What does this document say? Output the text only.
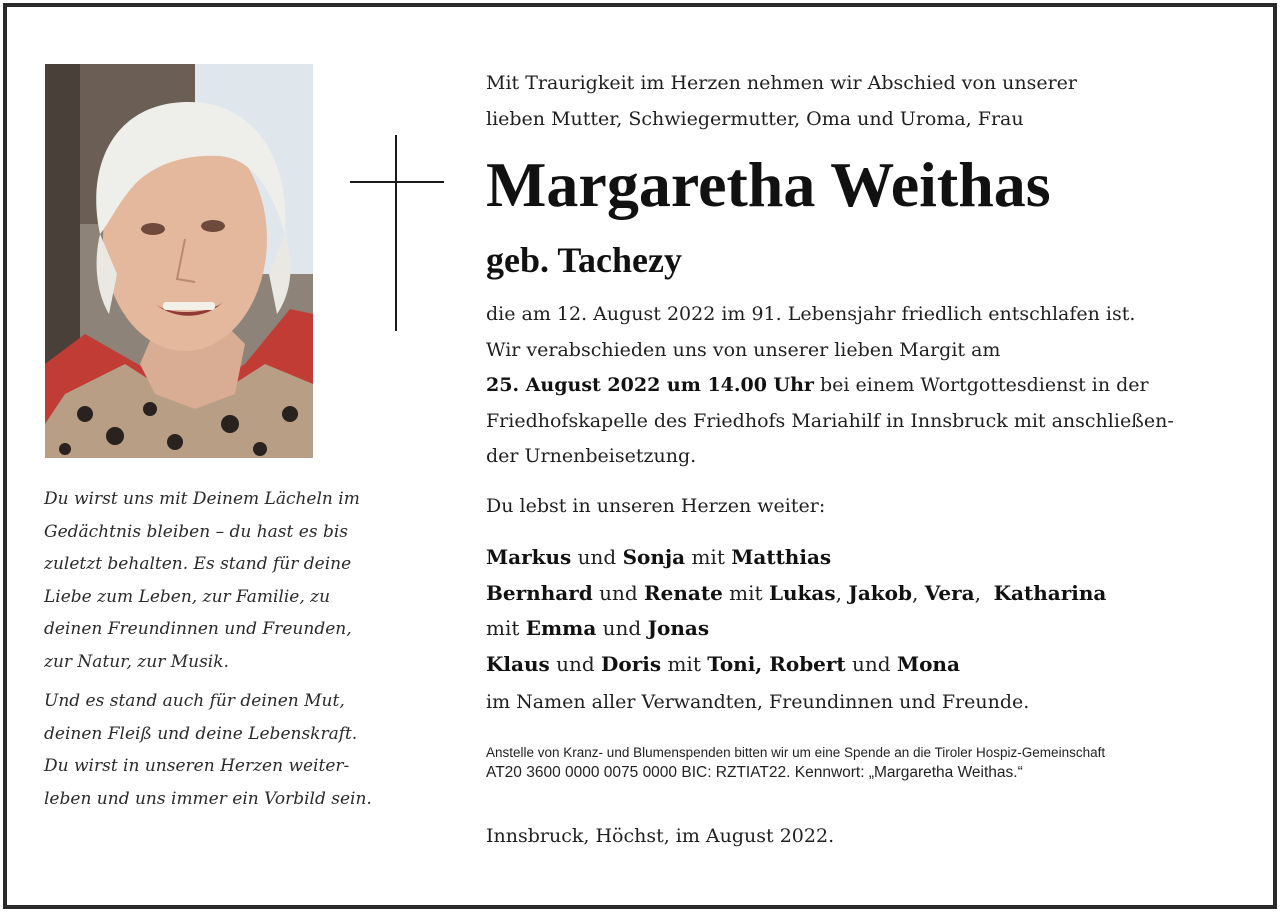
Du wirst uns mit Deinem Lächeln im
Gedächtnis bleiben – du hast es bis
zuletzt behalten. Es stand für deine
Liebe zum Leben, zur Familie, zu
deinen Freundinnen und Freunden,
zur Natur, zur Musik.
Und es stand auch für deinen Mut,
deinen Fleiß und deine Lebenskraft.
Du wirst in unseren Herzen weiter-
leben und uns immer ein Vorbild sein.
Mit Traurigkeit im Herzen nehmen wir Abschied von unserer
lieben Mutter, Schwiegermutter, Oma und Uroma, Frau
Margaretha Weithas
geb. Tachezy
die am 12. August 2022 im 91. Lebensjahr friedlich entschlafen ist.
Wir verabschieden uns von unserer lieben Margit am
25. August 2022 um 14.00 Uhr bei einem Wortgottesdienst in der
Friedhofskapelle des Friedhofs Mariahilf in Innsbruck mit anschließen-
der Urnenbeisetzung.
Du lebst in unseren Herzen weiter:
Markus und Sonja mit Matthias
Bernhard und Renate mit Lukas, Jakob, Vera,  Katharina
mit Emma und Jonas
Klaus und Doris mit Toni, Robert und Mona
im Namen aller Verwandten, Freundinnen und Freunde.
Anstelle von Kranz- und Blumenspenden bitten wir um eine Spende an die Tiroler Hospiz-Gemeinschaft
AT20 3600 0000 0075 0000 BIC: RZTIAT22. Kennwort: „Margaretha Weithas.“
Innsbruck, Höchst, im August 2022.
